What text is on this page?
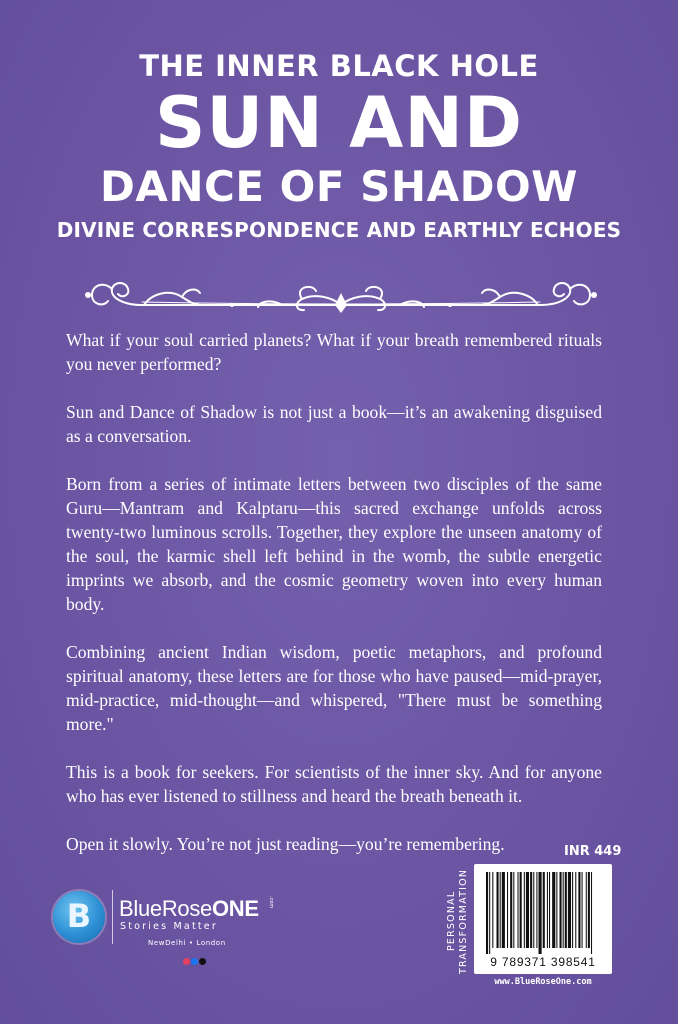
THE INNER BLACK HOLE
SUN AND
DANCE OF SHADOW
DIVINE CORRESPONDENCE AND EARTHLY ECHOES

What if your soul carried planets? What if your breath remembered rituals you never performed?

Sun and Dance of Shadow is not just a book—it’s an awakening disguised as a conversation.

Born from a series of intimate letters between two disciples of the same Guru—Mantram and Kalptaru—this sacred exchange unfolds across twenty-two luminous scrolls. Together, they explore the unseen anatomy of the soul, the karmic shell left behind in the womb, the subtle energetic imprints we absorb, and the cosmic geometry woven into every human body.

Combining ancient Indian wisdom, poetic metaphors, and profound spiritual anatomy, these letters are for those who have paused—mid-prayer, mid-practice, mid-thought—and whispered, "There must be something more."

This is a book for seekers. For scientists of the inner sky. And for anyone who has ever listened to stillness and heard the breath beneath it.

Open it slowly. You’re not just reading—you’re remembering.

B	BlueRoseONE .com
Stories Matter
NewDelhi • London
INR 449
PERSONAL TRANSFORMATION	9 789371 398541
www.BlueRoseOne.com
